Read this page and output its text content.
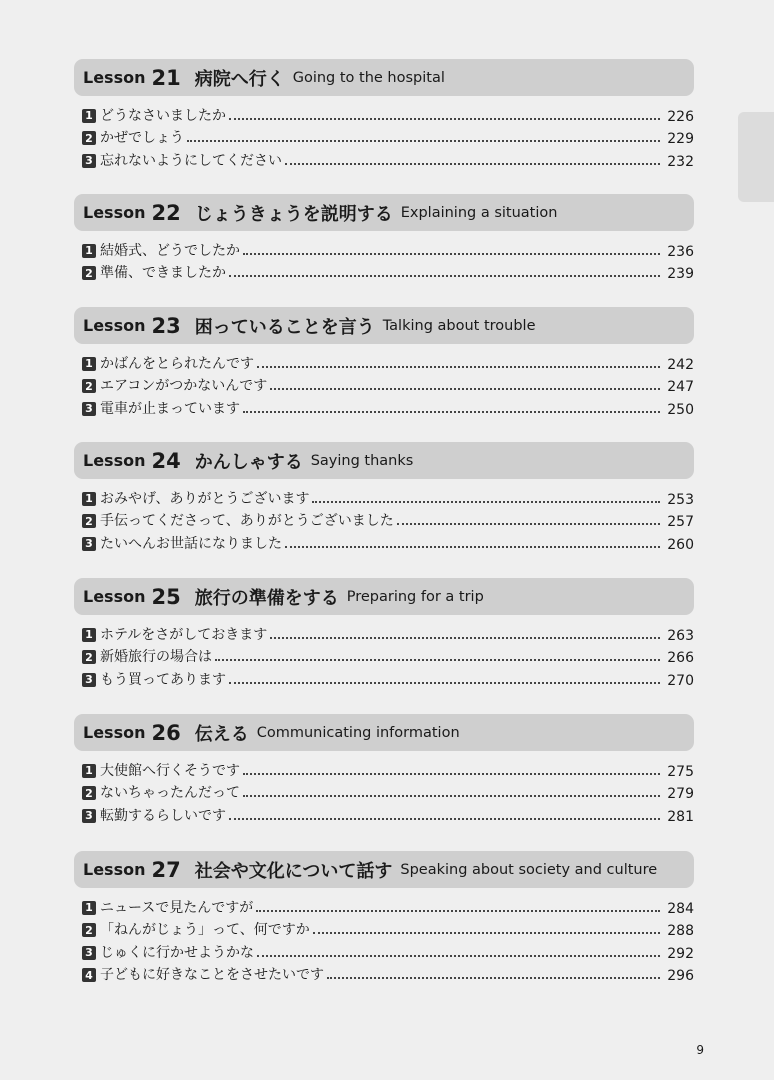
Lesson 21 病院へ行く Going to the hospital
1 どうなさいましたか	226
2 かぜでしょう	229
3 忘れないようにしてください	232
Lesson 22 じょうきょうを説明する Explaining a situation
1 結婚式、どうでしたか	236
2 準備、できましたか	239
Lesson 23 困っていることを言う Talking about trouble
1 かばんをとられたんです	242
2 エアコンがつかないんです	247
3 電車が止まっています	250
Lesson 24 かんしゃする Saying thanks
1 おみやげ、ありがとうございます	253
2 手伝ってくださって、ありがとうございました	257
3 たいへんお世話になりました	260
Lesson 25 旅行の準備をする Preparing for a trip
1 ホテルをさがしておきます	263
2 新婚旅行の場合は	266
3 もう買ってあります	270
Lesson 26 伝える Communicating information
1 大使館へ行くそうです	275
2 ないちゃったんだって	279
3 転勤するらしいです	281
Lesson 27 社会や文化について話す Speaking about society and culture
1 ニュースで見たんですが	284
2 「ねんがじょう」って、何ですか	288
3 じゅくに行かせようかな	292
4 子どもに好きなことをさせたいです	296
9
